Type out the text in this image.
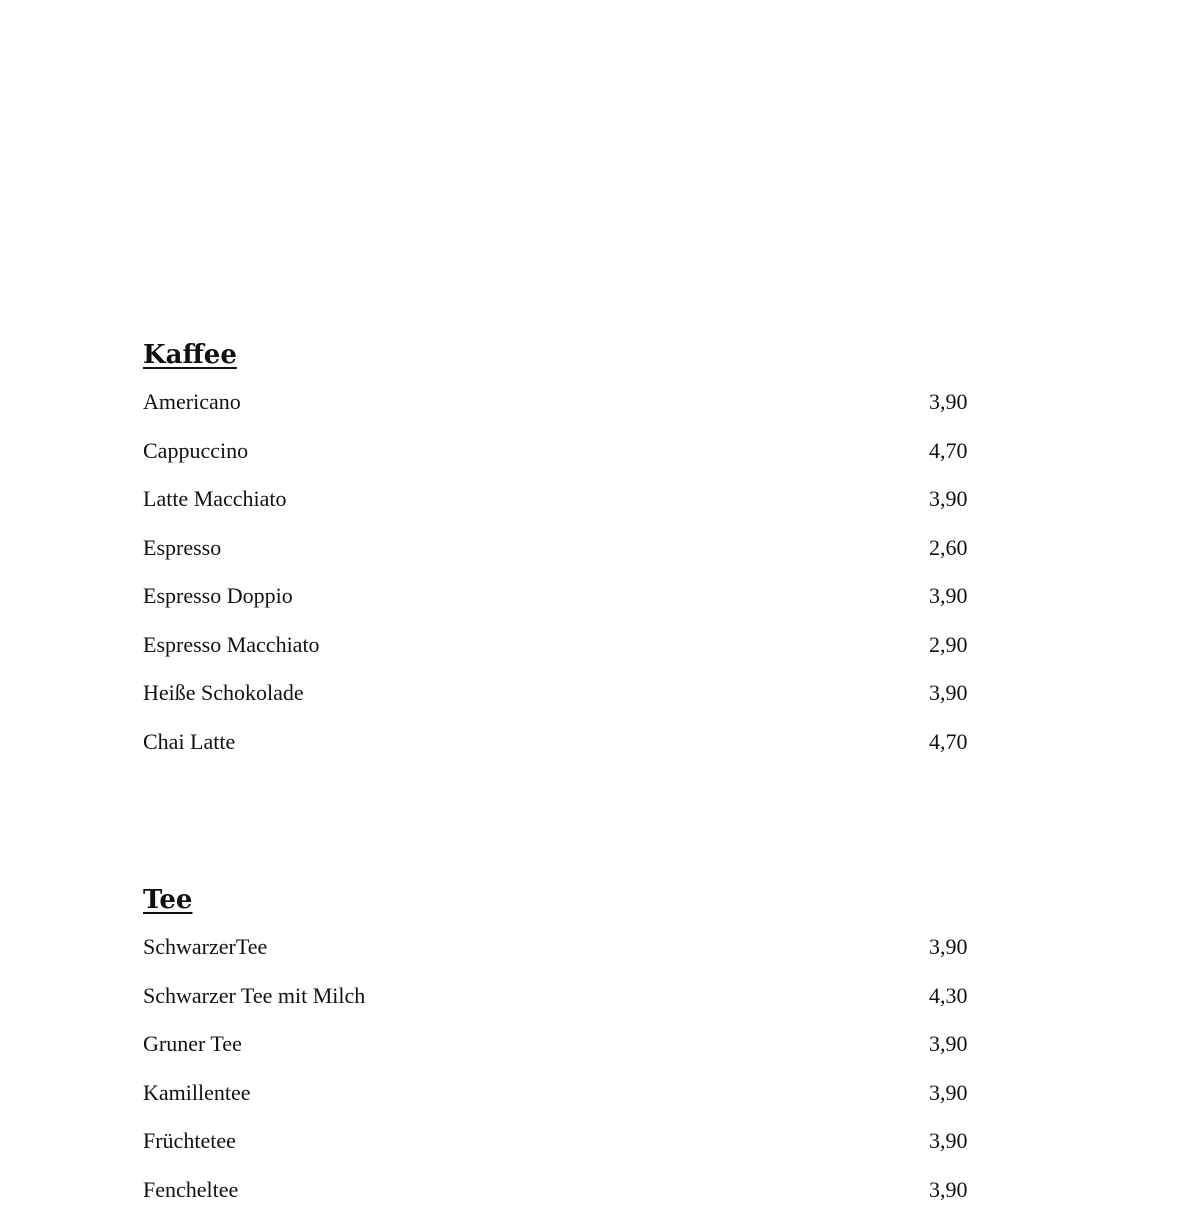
Kaffee
Americano	3,90
Cappuccino	4,70
Latte Macchiato	3,90
Espresso	2,60
Espresso Doppio	3,90
Espresso Macchiato	2,90
Heiße Schokolade	3,90
Chai Latte	4,70
Tee
SchwarzerTee	3,90
Schwarzer Tee mit Milch	4,30
Gruner Tee	3,90
Kamillentee	3,90
Früchtetee	3,90
Fencheltee	3,90
